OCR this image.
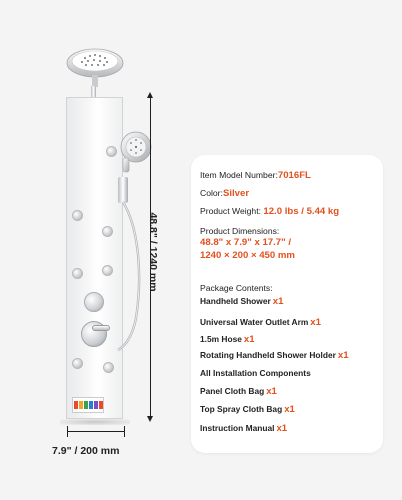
48.8" / 1240 mm
7.9" / 200 mm
Item Model Number:7016FL
Color:Silver
Product Weight: 12.0 lbs / 5.44 kg
Product Dimensions:
48.8" x 7.9" x 17.7" /
1240 × 200 × 450 mm
Package Contents:
Handheld Shower x1
Universal Water Outlet Arm x1
1.5m Hose x1
Rotating Handheld Shower Holder x1
All Installation Components
Panel Cloth Bag x1
Top Spray Cloth Bag x1
Instruction Manual x1
